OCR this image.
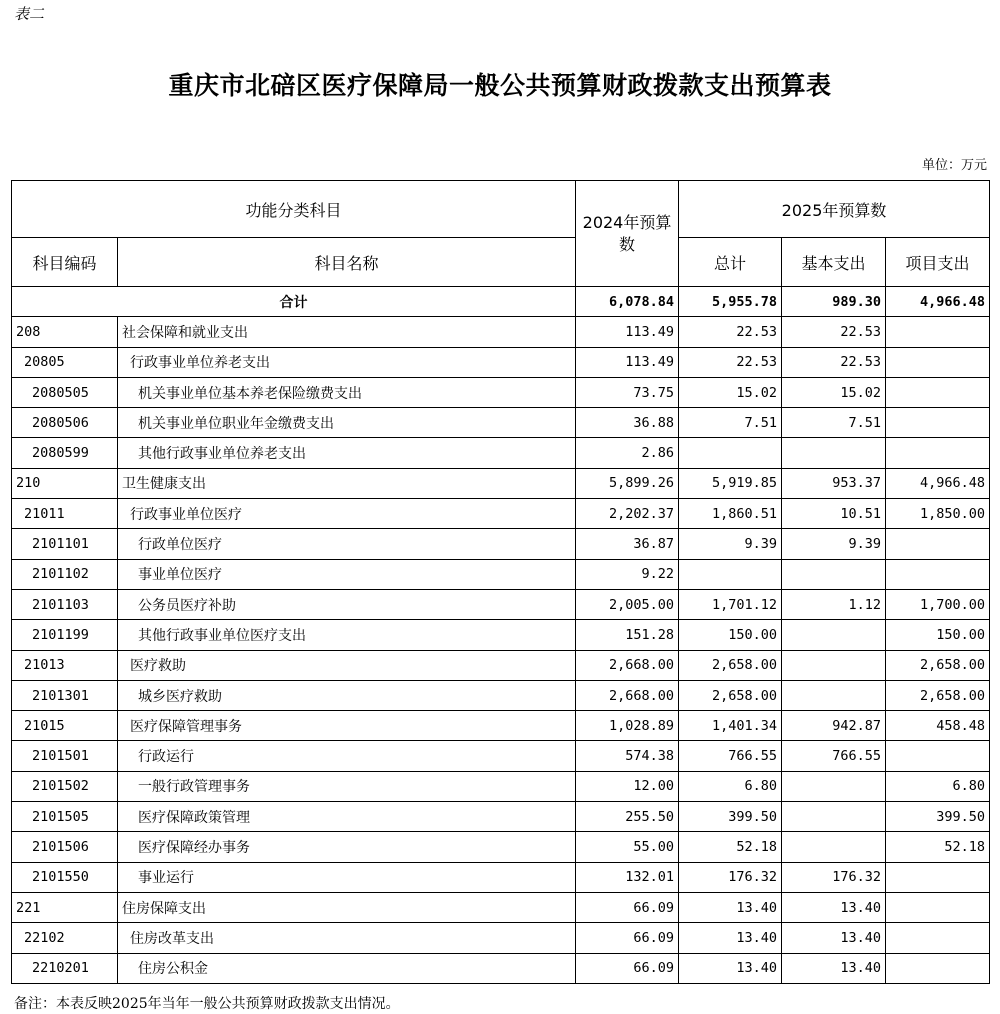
表二
重庆市北碚区医疗保障局一般公共预算财政拨款支出预算表
单位：万元
功能分类科目		2024年预算数	2025年预算数		
科目编码	科目名称		总计	基本支出	项目支出
合计		6,078.84	5,955.78	989.30	4,966.48
208	社会保障和就业支出	113.49	22.53	22.53	
20805	行政事业单位养老支出	113.49	22.53	22.53	
2080505	机关事业单位基本养老保险缴费支出	73.75	15.02	15.02	
2080506	机关事业单位职业年金缴费支出	36.88	7.51	7.51	
2080599	其他行政事业单位养老支出	2.86			
210	卫生健康支出	5,899.26	5,919.85	953.37	4,966.48
21011	行政事业单位医疗	2,202.37	1,860.51	10.51	1,850.00
2101101	行政单位医疗	36.87	9.39	9.39	
2101102	事业单位医疗	9.22			
2101103	公务员医疗补助	2,005.00	1,701.12	1.12	1,700.00
2101199	其他行政事业单位医疗支出	151.28	150.00		150.00
21013	医疗救助	2,668.00	2,658.00		2,658.00
2101301	城乡医疗救助	2,668.00	2,658.00		2,658.00
21015	医疗保障管理事务	1,028.89	1,401.34	942.87	458.48
2101501	行政运行	574.38	766.55	766.55	
2101502	一般行政管理事务	12.00	6.80		6.80
2101505	医疗保障政策管理	255.50	399.50		399.50
2101506	医疗保障经办事务	55.00	52.18		52.18
2101550	事业运行	132.01	176.32	176.32	
221	住房保障支出	66.09	13.40	13.40	
22102	住房改革支出	66.09	13.40	13.40	
2210201	住房公积金	66.09	13.40	13.40	
备注：本表反映2025年当年一般公共预算财政拨款支出情况。
